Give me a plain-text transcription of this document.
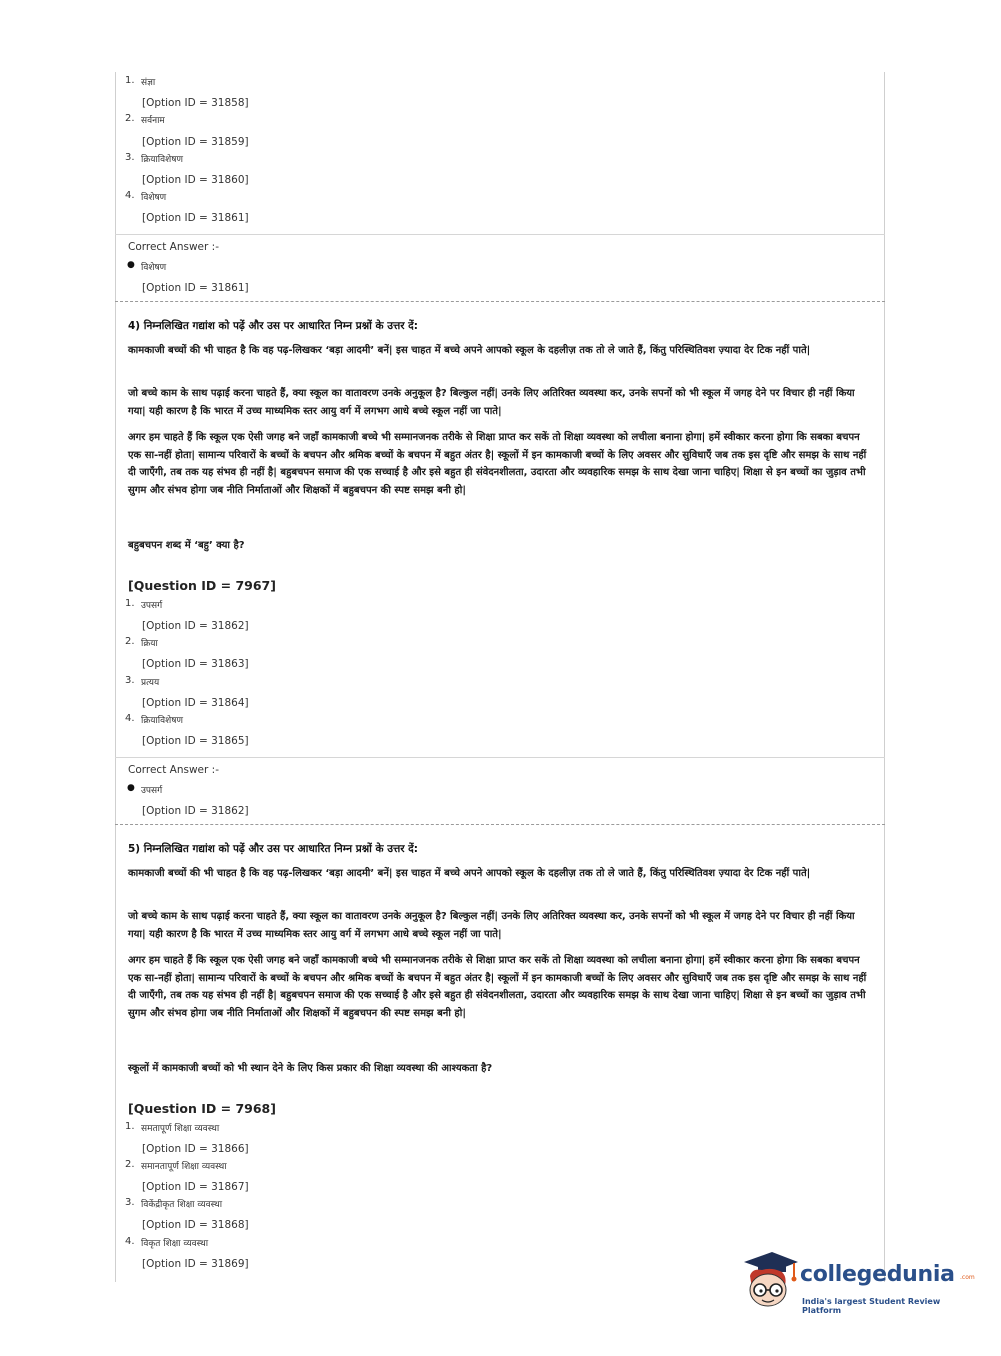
1. संज्ञा
[Option ID = 31858]
2. सर्वनाम
[Option ID = 31859]
3. क्रियाविशेषण
[Option ID = 31860]
4. विशेषण
[Option ID = 31861]
Correct Answer :-
● विशेषण
[Option ID = 31861]
4) निम्नलिखित गद्यांश को पढ़ें और उस पर आधारित निम्न प्रश्नों के उत्तर दें:
कामकाजी बच्चों की भी चाहत है कि वह पढ़-लिखकर ‘बड़ा आदमी’ बनें| इस चाहत में बच्चे अपने आपको स्कूल के दहलीज़ तक तो ले जाते हैं, किंतु परिस्थितिवश ज़्यादा देर टिक नहीं पाते|
जो बच्चे काम के साथ पढ़ाई करना चाहते हैं, क्या स्कूल का वातावरण उनके अनुकूल है? बिल्कुल नहीं| उनके लिए अतिरिक्त व्यवस्था कर, उनके सपनों को भी स्कूल में जगह देने पर विचार ही नहीं किया गया| यही कारण है कि भारत में उच्च माध्यमिक स्तर आयु वर्ग में लगभग आधे बच्चे स्कूल नहीं जा पाते|
अगर हम चाहते हैं कि स्कूल एक ऐसी जगह बने जहाँ कामकाजी बच्चे भी सम्मानजनक तरीके से शिक्षा प्राप्त कर सकें तो शिक्षा व्यवस्था को लचीला बनाना होगा| हमें स्वीकार करना होगा कि सबका बचपन एक सा-नहीं होता| सामान्य परिवारों के बच्चों के बचपन और श्रमिक बच्चों के बचपन में बहुत अंतर है| स्कूलों में इन कामकाजी बच्चों के लिए अवसर और सुविधाएँ जब तक इस दृष्टि और समझ के साथ नहीं दी जाएँगी, तब तक यह संभव ही नहीं है| बहुबचपन समाज की एक सच्चाई है और इसे बहुत ही संवेदनशीलता, उदारता और व्यवहारिक समझ के साथ देखा जाना चाहिए| शिक्षा से इन बच्चों का जुड़ाव तभी सुगम और संभव होगा जब नीति निर्माताओं और शिक्षकों में बहुबचपन की स्पष्ट समझ बनी हो|
बहुबचपन शब्द में ‘बहु’ क्या है?
[Question ID = 7967]
1. उपसर्ग
[Option ID = 31862]
2. क्रिया
[Option ID = 31863]
3. प्रत्यय
[Option ID = 31864]
4. क्रियाविशेषण
[Option ID = 31865]
Correct Answer :-
● उपसर्ग
[Option ID = 31862]
5) निम्नलिखित गद्यांश को पढ़ें और उस पर आधारित निम्न प्रश्नों के उत्तर दें:
कामकाजी बच्चों की भी चाहत है कि वह पढ़-लिखकर ‘बड़ा आदमी’ बनें| इस चाहत में बच्चे अपने आपको स्कूल के दहलीज़ तक तो ले जाते हैं, किंतु परिस्थितिवश ज़्यादा देर टिक नहीं पाते|
जो बच्चे काम के साथ पढ़ाई करना चाहते हैं, क्या स्कूल का वातावरण उनके अनुकूल है? बिल्कुल नहीं| उनके लिए अतिरिक्त व्यवस्था कर, उनके सपनों को भी स्कूल में जगह देने पर विचार ही नहीं किया गया| यही कारण है कि भारत में उच्च माध्यमिक स्तर आयु वर्ग में लगभग आधे बच्चे स्कूल नहीं जा पाते|
अगर हम चाहते हैं कि स्कूल एक ऐसी जगह बने जहाँ कामकाजी बच्चे भी सम्मानजनक तरीके से शिक्षा प्राप्त कर सकें तो शिक्षा व्यवस्था को लचीला बनाना होगा| हमें स्वीकार करना होगा कि सबका बचपन एक सा-नहीं होता| सामान्य परिवारों के बच्चों के बचपन और श्रमिक बच्चों के बचपन में बहुत अंतर है| स्कूलों में इन कामकाजी बच्चों के लिए अवसर और सुविधाएँ जब तक इस दृष्टि और समझ के साथ नहीं दी जाएँगी, तब तक यह संभव ही नहीं है| बहुबचपन समाज की एक सच्चाई है और इसे बहुत ही संवेदनशीलता, उदारता और व्यवहारिक समझ के साथ देखा जाना चाहिए| शिक्षा से इन बच्चों का जुड़ाव तभी सुगम और संभव होगा जब नीति निर्माताओं और शिक्षकों में बहुबचपन की स्पष्ट समझ बनी हो|
स्कूलों में कामकाजी बच्चों को भी स्थान देने के लिए किस प्रकार की शिक्षा व्यवस्था की आश्यकता है?
[Question ID = 7968]
1. समतापूर्ण शिक्षा व्यवस्था
[Option ID = 31866]
2. समानतापूर्ण शिक्षा व्यवस्था
[Option ID = 31867]
3. विकेंद्रीकृत शिक्षा व्यवस्था
[Option ID = 31868]
4. विकृत शिक्षा व्यवस्था
[Option ID = 31869]	collegedunia .com
India's largest Student Review Platform
